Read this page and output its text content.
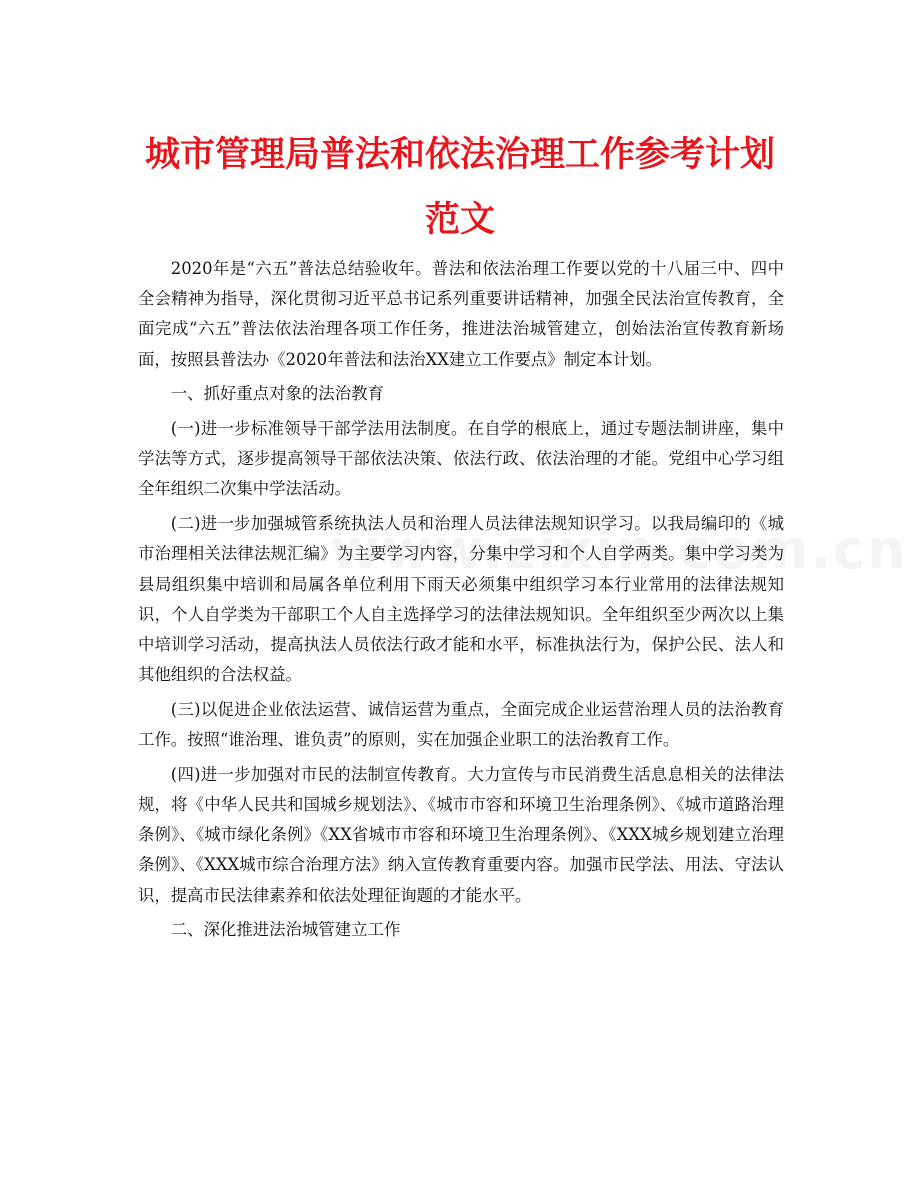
城市管理局普法和依法治理工作参考计划
范文

2020年是“六五”普法总结验收年。普法和依法治理工作要以党的十八届三中、四中全会精神为指导，深化贯彻习近平总书记系列重要讲话精神，加强全民法治宣传教育，全面完成“六五”普法依法治理各项工作任务，推进法治城管建立，创始法治宣传教育新场面，按照县普法办《2020年普法和法治XX建立工作要点》制定本计划。

一、抓好重点对象的法治教育

(一)进一步标准领导干部学法用法制度。在自学的根底上，通过专题法制讲座，集中学法等方式，逐步提高领导干部依法决策、依法行政、依法治理的才能。党组中心学习组全年组织二次集中学法活动。

(二)进一步加强城管系统执法人员和治理人员法律法规知识学习。以我局编印的《城市治理相关法律法规汇编》为主要学习内容，分集中学习和个人自学两类。集中学习类为县局组织集中培训和局属各单位利用下雨天必须集中组织学习本行业常用的法律法规知识，个人自学类为干部职工个人自主选择学习的法律法规知识。全年组织至少两次以上集中培训学习活动，提高执法人员依法行政才能和水平，标准执法行为，保护公民、法人和其他组织的合法权益。

(三)以促进企业依法运营、诚信运营为重点，全面完成企业运营治理人员的法治教育工作。按照“谁治理、谁负责”的原则，实在加强企业职工的法治教育工作。

(四)进一步加强对市民的法制宣传教育。大力宣传与市民消费生活息息相关的法律法规，将《中华人民共和国城乡规划法》、《城市市容和环境卫生治理条例》、《城市道路治理条例》、《城市绿化条例》《XX省城市市容和环境卫生治理条例》、《XXX城乡规划建立治理条例》、《XXX城市综合治理方法》纳入宣传教育重要内容。加强市民学法、用法、守法认识，提高市民法律素养和依法处理征询题的才能水平。

二、深化推进法治城管建立工作
